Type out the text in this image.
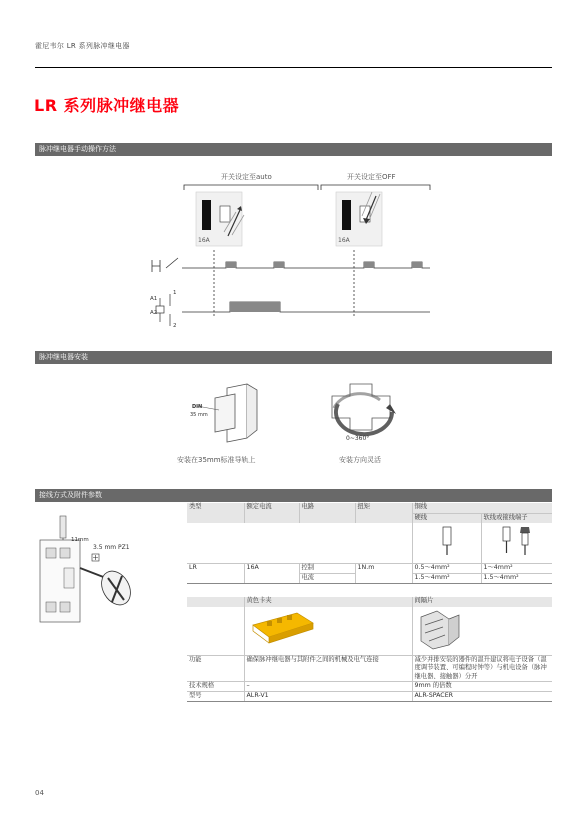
霍尼韦尔 LR 系列脉冲继电器
LR 系列脉冲继电器
脉冲继电器手动操作方法
开关设定至auto	开关设定至OFF
16A	16A
A1
A2
1
2
脉冲继电器安装
DIN
35 mm
0~360°
安装在35mm标准导轨上	安装方向灵活
接线方式及附件参数
11mm
3.5 mm PZ1
类型	额定电流	电路	扭矩	铜线	
				硬线	软线或箍线端子

LR	16A	控制	1N.m	0.5～4mm²	1～4mm²
		电流		1.5～4mm²	1.5～4mm²

	黄色卡夹			间隔片	

功能	确保脉冲继电器与其附件之间的机械及电气连接			减少并排安装的器件的温升建议将电子设备（温度调节装置、可编程时钟等）与机电设备（脉冲继电器、接触器）分开	
技术规格	–			9mm 的倍数	
型号	ALR-V1			ALR-SPACER	
04
